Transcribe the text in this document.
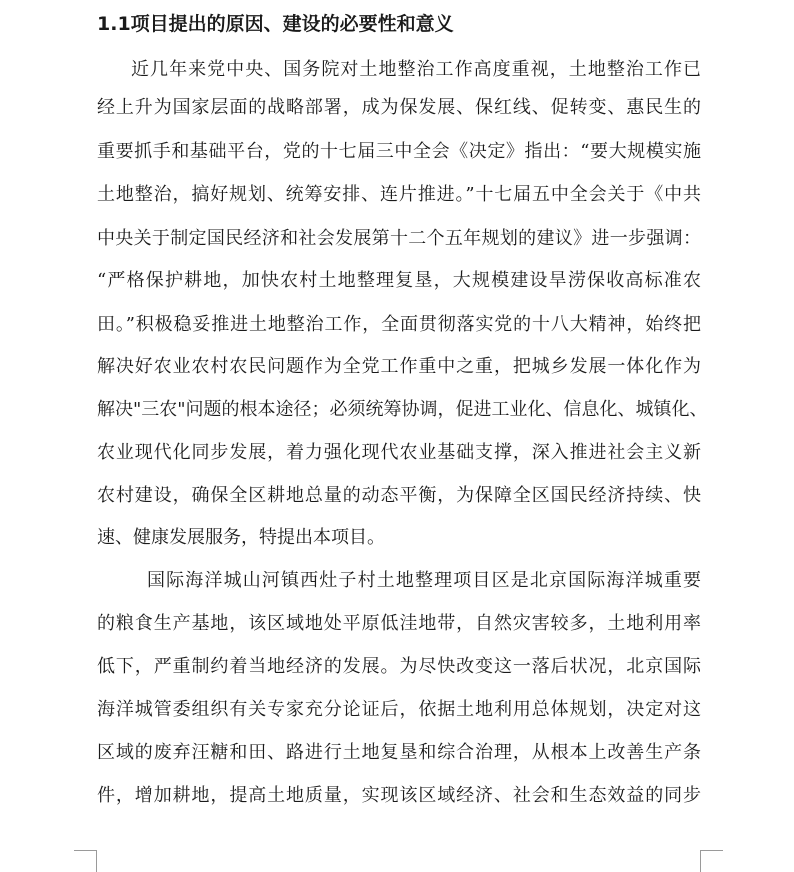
1.1项目提出的原因、建设的必要性和意义
近几年来党中央、国务院对土地整治工作高度重视，土地整治工作已
经上升为国家层面的战略部署，成为保发展、保红线、促转变、惠民生的
重要抓手和基础平台，党的十七届三中全会《决定》指出：“要大规模实施
土地整治，搞好规划、统筹安排、连片推进。”十七届五中全会关于《中共
中央关于制定国民经济和社会发展第十二个五年规划的建议》进一步强调：
“严格保护耕地，加快农村土地整理复垦，大规模建设旱涝保收高标准农
田。”积极稳妥推进土地整治工作，全面贯彻落实党的十八大精神，始终把
解决好农业农村农民问题作为全党工作重中之重，把城乡发展一体化作为
解决"三农"问题的根本途径；必须统筹协调，促进工业化、信息化、城镇化、
农业现代化同步发展，着力强化现代农业基础支撑，深入推进社会主义新
农村建设，确保全区耕地总量的动态平衡，为保障全区国民经济持续、快
速、健康发展服务，特提出本项目。
国际海洋城山河镇西灶子村土地整理项目区是北京国际海洋城重要
的粮食生产基地，该区域地处平原低洼地带，自然灾害较多，土地利用率
低下，严重制约着当地经济的发展。为尽快改变这一落后状况，北京国际
海洋城管委组织有关专家充分论证后，依据土地利用总体规划，决定对这
区域的废弃汪糖和田、路进行土地复垦和综合治理，从根本上改善生产条
件，增加耕地，提高土地质量，实现该区域经济、社会和生态效益的同步
